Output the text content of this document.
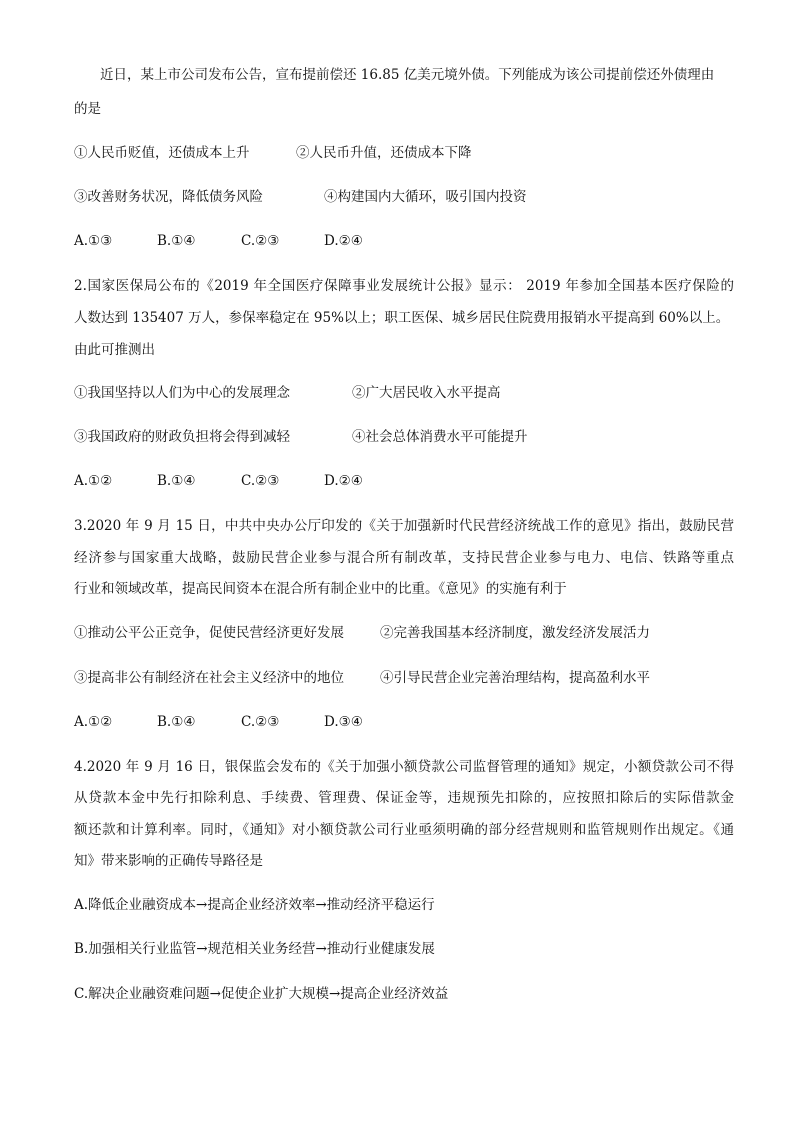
近日，某上市公司发布公告，宣布提前偿还 16.85 亿美元境外债。下列能成为该公司提前偿还外债理由
的是
①人民币贬值，还债成本上升	②人民币升值，还债成本下降
③改善财务状况，降低债务风险	④构建国内大循环，吸引国内投资
A.①③	B.①④	C.②③	D.②④
2.国家医保局公布的《2019 年全国医疗保障事业发展统计公报》显示： 2019 年参加全国基本医疗保险的
人数达到 135407 万人，参保率稳定在 95%以上；职工医保、城乡居民住院费用报销水平提高到 60%以上。
由此可推测出
①我国坚持以人们为中心的发展理念	②广大居民收入水平提高
③我国政府的财政负担将会得到减轻	④社会总体消费水平可能提升
A.①②	B.①④	C.②③	D.②④
3.2020 年 9 月 15 日，中共中央办公厅印发的《关于加强新时代民营经济统战工作的意见》指出，鼓励民营
经济参与国家重大战略，鼓励民营企业参与混合所有制改革，支持民营企业参与电力、电信、铁路等重点
行业和领域改革，提高民间资本在混合所有制企业中的比重。《意见》的实施有利于
①推动公平公正竞争，促使民营经济更好发展	②完善我国基本经济制度，激发经济发展活力
③提高非公有制经济在社会主义经济中的地位	④引导民营企业完善治理结构，提高盈利水平
A.①②	B.①④	C.②③	D.③④
4.2020 年 9 月 16 日，银保监会发布的《关于加强小额贷款公司监督管理的通知》规定，小额贷款公司不得
从贷款本金中先行扣除利息、手续费、管理费、保证金等，违规预先扣除的，应按照扣除后的实际借款金
额还款和计算利率。同时，《通知》对小额贷款公司行业亟须明确的部分经营规则和监管规则作出规定。《通
知》带来影响的正确传导路径是
A.降低企业融资成本→提高企业经济效率→推动经济平稳运行
B.加强相关行业监管→规范相关业务经营→推动行业健康发展
C.解决企业融资难问题→促使企业扩大规模→提高企业经济效益
